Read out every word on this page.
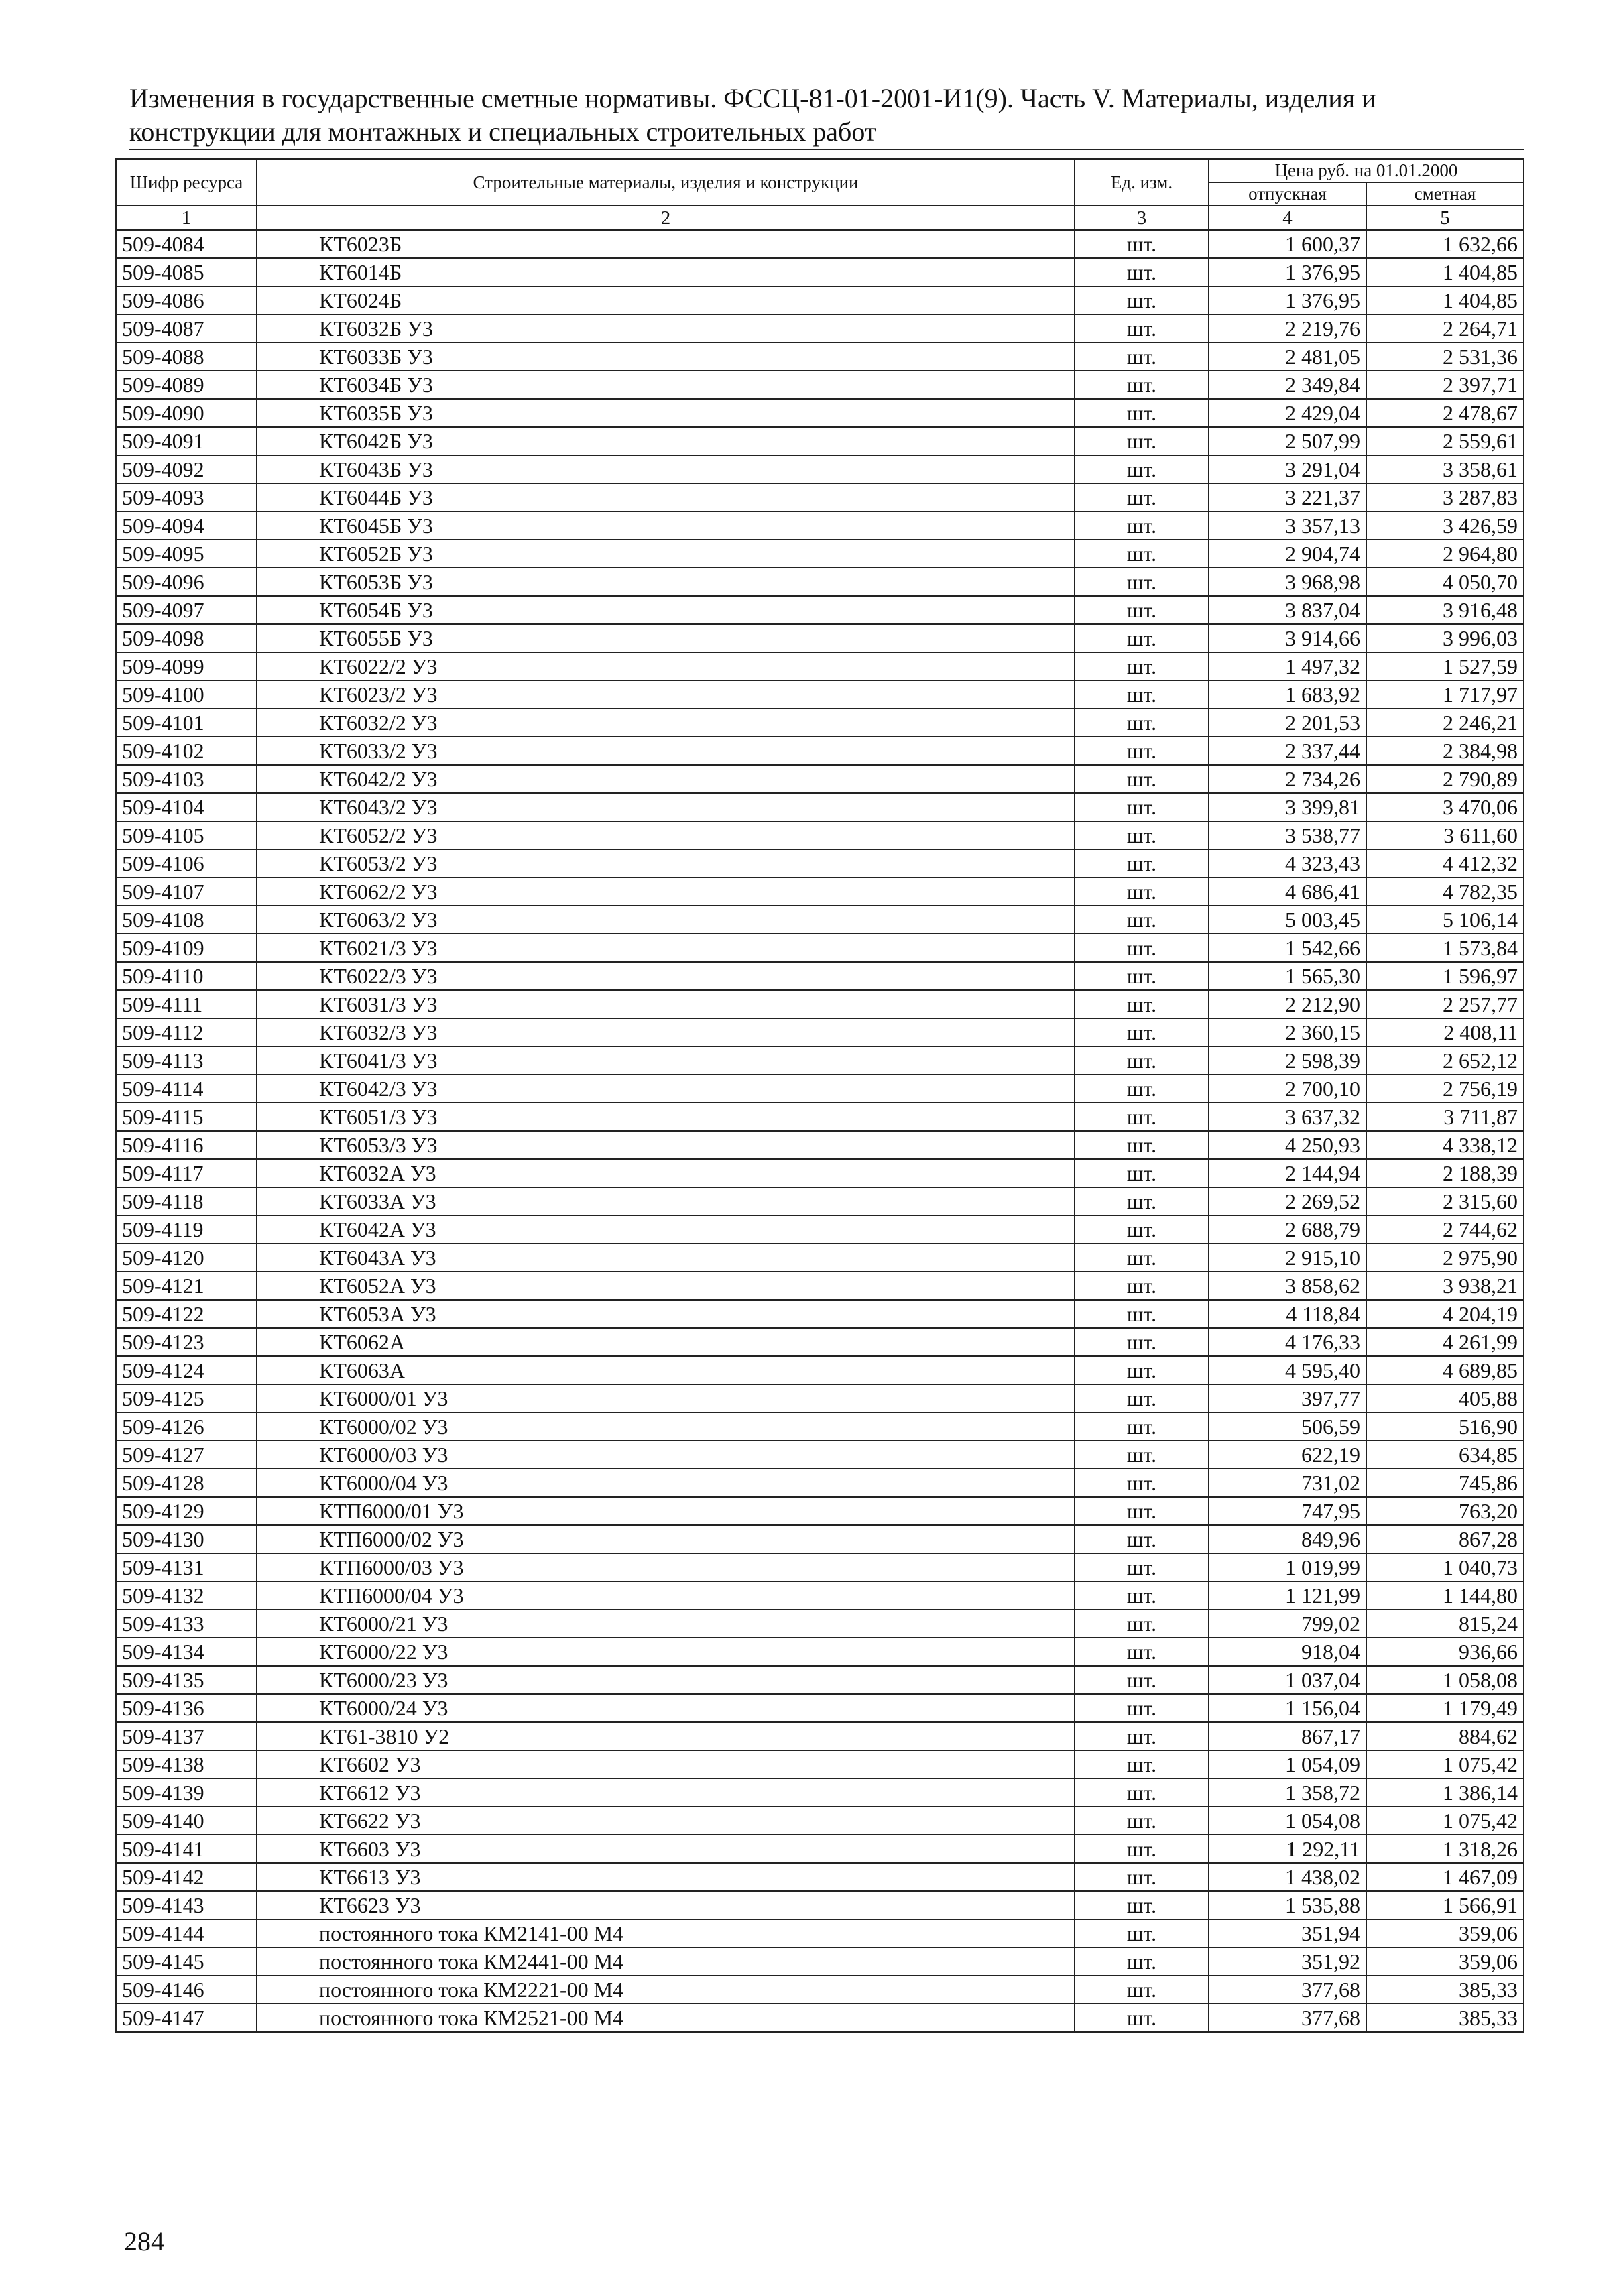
Изменения в государственные сметные нормативы. ФССЦ-81-01-2001-И1(9). Часть V. Материалы, изделия и
конструкции для монтажных и специальных строительных работ
Шифр ресурса	Строительные материалы, изделия и конструкции	Ед. изм.	Цена руб. на 01.01.2000	
			отпускная	сметная
1	2	3	4	5
509-4084	КТ6023Б	шт.	1 600,37	1 632,66
509-4085	КТ6014Б	шт.	1 376,95	1 404,85
509-4086	КТ6024Б	шт.	1 376,95	1 404,85
509-4087	КТ6032Б У3	шт.	2 219,76	2 264,71
509-4088	КТ6033Б У3	шт.	2 481,05	2 531,36
509-4089	КТ6034Б У3	шт.	2 349,84	2 397,71
509-4090	КТ6035Б У3	шт.	2 429,04	2 478,67
509-4091	КТ6042Б У3	шт.	2 507,99	2 559,61
509-4092	КТ6043Б У3	шт.	3 291,04	3 358,61
509-4093	КТ6044Б У3	шт.	3 221,37	3 287,83
509-4094	КТ6045Б У3	шт.	3 357,13	3 426,59
509-4095	КТ6052Б У3	шт.	2 904,74	2 964,80
509-4096	КТ6053Б У3	шт.	3 968,98	4 050,70
509-4097	КТ6054Б У3	шт.	3 837,04	3 916,48
509-4098	КТ6055Б У3	шт.	3 914,66	3 996,03
509-4099	КТ6022/2 У3	шт.	1 497,32	1 527,59
509-4100	КТ6023/2 У3	шт.	1 683,92	1 717,97
509-4101	КТ6032/2 У3	шт.	2 201,53	2 246,21
509-4102	КТ6033/2 У3	шт.	2 337,44	2 384,98
509-4103	КТ6042/2 У3	шт.	2 734,26	2 790,89
509-4104	КТ6043/2 У3	шт.	3 399,81	3 470,06
509-4105	КТ6052/2 У3	шт.	3 538,77	3 611,60
509-4106	КТ6053/2 У3	шт.	4 323,43	4 412,32
509-4107	КТ6062/2 У3	шт.	4 686,41	4 782,35
509-4108	КТ6063/2 У3	шт.	5 003,45	5 106,14
509-4109	КТ6021/3 У3	шт.	1 542,66	1 573,84
509-4110	КТ6022/3 У3	шт.	1 565,30	1 596,97
509-4111	КТ6031/3 У3	шт.	2 212,90	2 257,77
509-4112	КТ6032/3 У3	шт.	2 360,15	2 408,11
509-4113	КТ6041/3 У3	шт.	2 598,39	2 652,12
509-4114	КТ6042/3 У3	шт.	2 700,10	2 756,19
509-4115	КТ6051/3 У3	шт.	3 637,32	3 711,87
509-4116	КТ6053/3 У3	шт.	4 250,93	4 338,12
509-4117	КТ6032А У3	шт.	2 144,94	2 188,39
509-4118	КТ6033А У3	шт.	2 269,52	2 315,60
509-4119	КТ6042А У3	шт.	2 688,79	2 744,62
509-4120	КТ6043А У3	шт.	2 915,10	2 975,90
509-4121	КТ6052А У3	шт.	3 858,62	3 938,21
509-4122	КТ6053А У3	шт.	4 118,84	4 204,19
509-4123	КТ6062А	шт.	4 176,33	4 261,99
509-4124	КТ6063А	шт.	4 595,40	4 689,85
509-4125	КТ6000/01 У3	шт.	397,77	405,88
509-4126	КТ6000/02 У3	шт.	506,59	516,90
509-4127	КТ6000/03 У3	шт.	622,19	634,85
509-4128	КТ6000/04 У3	шт.	731,02	745,86
509-4129	КТП6000/01 У3	шт.	747,95	763,20
509-4130	КТП6000/02 У3	шт.	849,96	867,28
509-4131	КТП6000/03 У3	шт.	1 019,99	1 040,73
509-4132	КТП6000/04 У3	шт.	1 121,99	1 144,80
509-4133	КТ6000/21 У3	шт.	799,02	815,24
509-4134	КТ6000/22 У3	шт.	918,04	936,66
509-4135	КТ6000/23 У3	шт.	1 037,04	1 058,08
509-4136	КТ6000/24 У3	шт.	1 156,04	1 179,49
509-4137	КТ61-3810 У2	шт.	867,17	884,62
509-4138	КТ6602 У3	шт.	1 054,09	1 075,42
509-4139	КТ6612 У3	шт.	1 358,72	1 386,14
509-4140	КТ6622 У3	шт.	1 054,08	1 075,42
509-4141	КТ6603 У3	шт.	1 292,11	1 318,26
509-4142	КТ6613 У3	шт.	1 438,02	1 467,09
509-4143	КТ6623 У3	шт.	1 535,88	1 566,91
509-4144	постоянного тока КМ2141-00 М4	шт.	351,94	359,06
509-4145	постоянного тока КМ2441-00 М4	шт.	351,92	359,06
509-4146	постоянного тока КМ2221-00 М4	шт.	377,68	385,33
509-4147	постоянного тока КМ2521-00 М4	шт.	377,68	385,33
284
